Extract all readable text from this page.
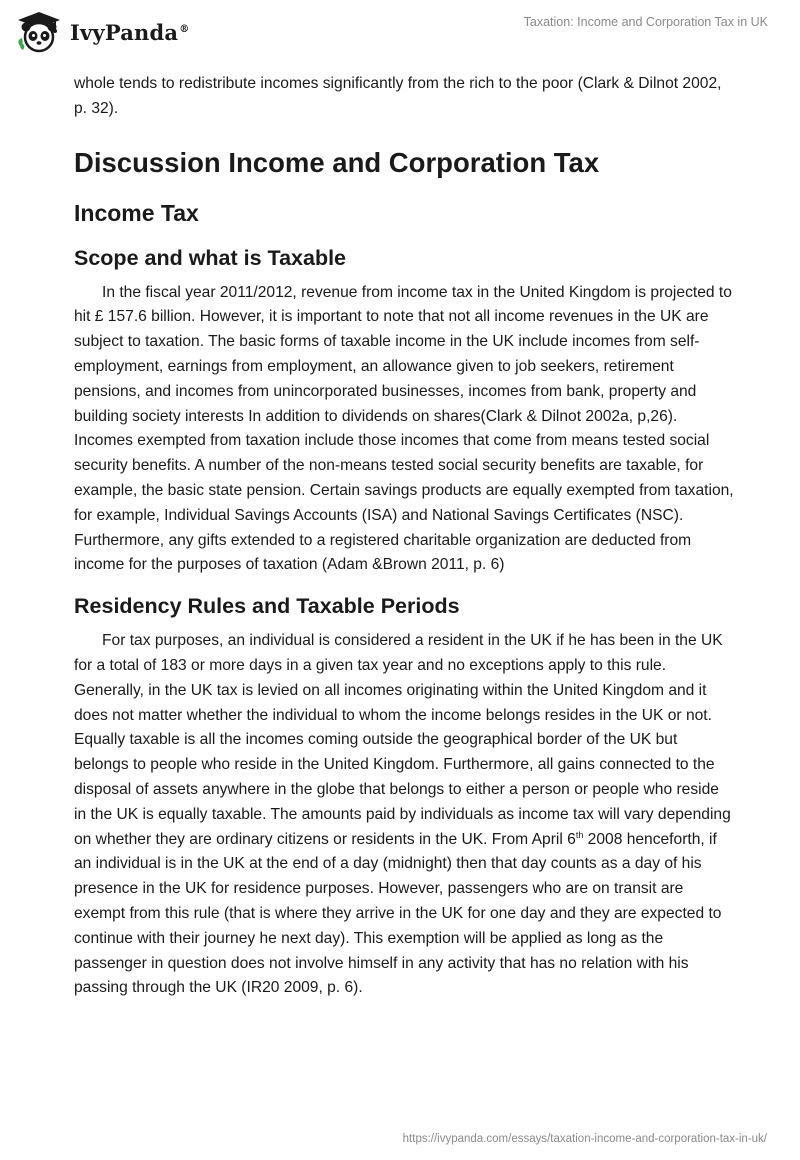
IvyPanda®	Taxation: Income and Corporation Tax in UK

whole tends to redistribute incomes significantly from the rich to the poor (Clark & Dilnot 2002, p. 32).

Discussion Income and Corporation Tax
Income Tax
Scope and what is Taxable

In the fiscal year 2011/2012, revenue from income tax in the United Kingdom is projected to hit £ 157.6 billion. However, it is important to note that not all income revenues in the UK are subject to taxation. The basic forms of taxable income in the UK include incomes from self-employment, earnings from employment, an allowance given to job seekers, retirement pensions, and incomes from unincorporated businesses, incomes from bank, property and building society interests In addition to dividends on shares(Clark & Dilnot 2002a, p,26). Incomes exempted from taxation include those incomes that come from means tested social security benefits. A number of the non-means tested social security benefits are taxable, for example, the basic state pension. Certain savings products are equally exempted from taxation, for example, Individual Savings Accounts (ISA) and National Savings Certificates (NSC). Furthermore, any gifts extended to a registered charitable organization are deducted from income for the purposes of taxation (Adam &Brown 2011, p. 6)

Residency Rules and Taxable Periods

For tax purposes, an individual is considered a resident in the UK if he has been in the UK for a total of 183 or more days in a given tax year and no exceptions apply to this rule. Generally, in the UK tax is levied on all incomes originating within the United Kingdom and it does not matter whether the individual to whom the income belongs resides in the UK or not. Equally taxable is all the incomes coming outside the geographical border of the UK but belongs to people who reside in the United Kingdom. Furthermore, all gains connected to the disposal of assets anywhere in the globe that belongs to either a person or people who reside in the UK is equally taxable. The amounts paid by individuals as income tax will vary depending on whether they are ordinary citizens or residents in the UK. From April 6th 2008 henceforth, if an individual is in the UK at the end of a day (midnight) then that day counts as a day of his presence in the UK for residence purposes. However, passengers who are on transit are exempt from this rule (that is where they arrive in the UK for one day and they are expected to continue with their journey he next day). This exemption will be applied as long as the passenger in question does not involve himself in any activity that has no relation with his passing through the UK (IR20 2009, p. 6).

https://ivypanda.com/essays/taxation-income-and-corporation-tax-in-uk/
